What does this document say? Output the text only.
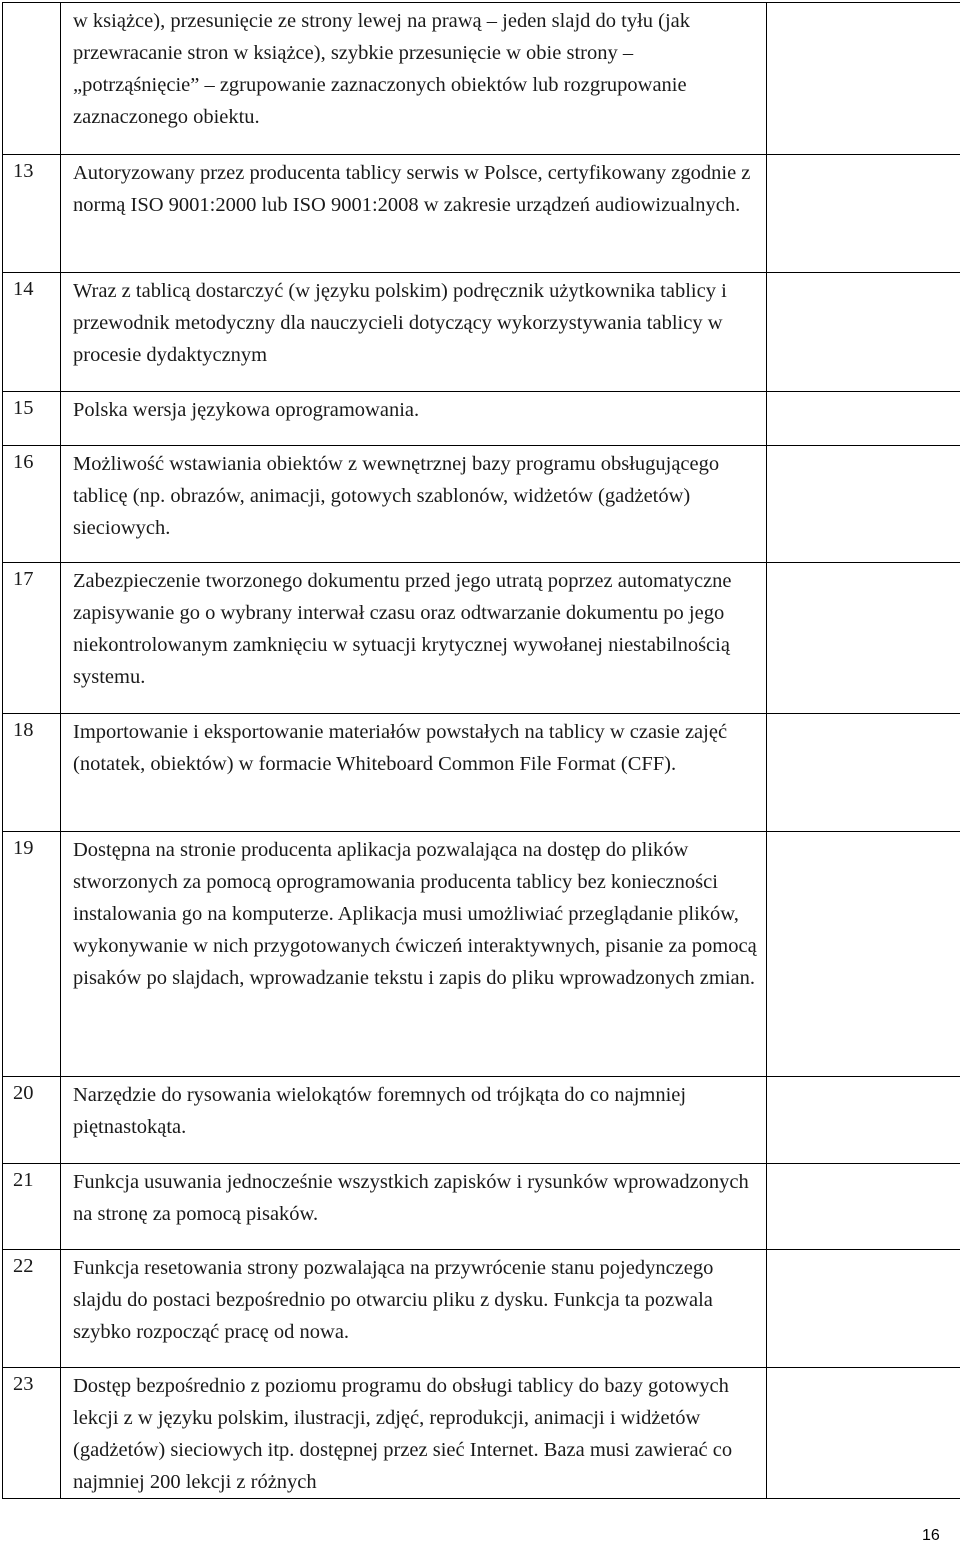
	w książce), przesunięcie ze strony lewej na prawą – jeden slajd do tyłu (jak przewracanie stron w książce), szybkie przesunięcie w obie strony – „potrząśnięcie” – zgrupowanie zaznaczonych obiektów lub rozgrupowanie zaznaczonego obiektu.	
13	Autoryzowany przez producenta tablicy serwis w Polsce, certyfikowany zgodnie z normą ISO 9001:2000 lub ISO 9001:2008 w zakresie urządzeń audiowizualnych.	
14	Wraz z tablicą dostarczyć (w języku polskim) podręcznik użytkownika tablicy i przewodnik metodyczny dla nauczycieli dotyczący wykorzystywania tablicy w procesie dydaktycznym	
15	Polska wersja językowa oprogramowania.	
16	Możliwość wstawiania obiektów z wewnętrznej bazy programu obsługującego tablicę (np. obrazów, animacji, gotowych szablonów, widżetów (gadżetów) sieciowych.	
17	Zabezpieczenie tworzonego dokumentu przed jego utratą poprzez automatyczne zapisywanie go o wybrany interwał czasu oraz odtwarzanie dokumentu po jego niekontrolowanym zamknięciu w sytuacji krytycznej wywołanej niestabilnością systemu.	
18	Importowanie i eksportowanie materiałów powstałych na tablicy w czasie zajęć (notatek, obiektów) w formacie Whiteboard Common File Format (CFF).	
19	Dostępna na stronie producenta aplikacja pozwalająca na dostęp do plików stworzonych za pomocą oprogramowania producenta tablicy bez konieczności instalowania go na komputerze. Aplikacja musi umożliwiać przeglądanie plików, wykonywanie w nich przygotowanych ćwiczeń interaktywnych, pisanie za pomocą pisaków po slajdach, wprowadzanie tekstu i zapis do pliku wprowadzonych zmian.	
20	Narzędzie do rysowania wielokątów foremnych od trójkąta do co najmniej piętnastokąta.	
21	Funkcja usuwania jednocześnie wszystkich zapisków i rysunków wprowadzonych na stronę za pomocą pisaków.	
22	Funkcja resetowania strony pozwalająca na przywrócenie stanu pojedynczego slajdu do postaci bezpośrednio po otwarciu pliku z dysku. Funkcja ta pozwala szybko rozpocząć pracę od nowa.	
23	Dostęp bezpośrednio z poziomu programu do obsługi tablicy do bazy gotowych lekcji z w języku polskim, ilustracji, zdjęć, reprodukcji, animacji i widżetów (gadżetów) sieciowych itp. dostępnej przez sieć Internet. Baza musi zawierać co najmniej 200 lekcji z różnych	
16
